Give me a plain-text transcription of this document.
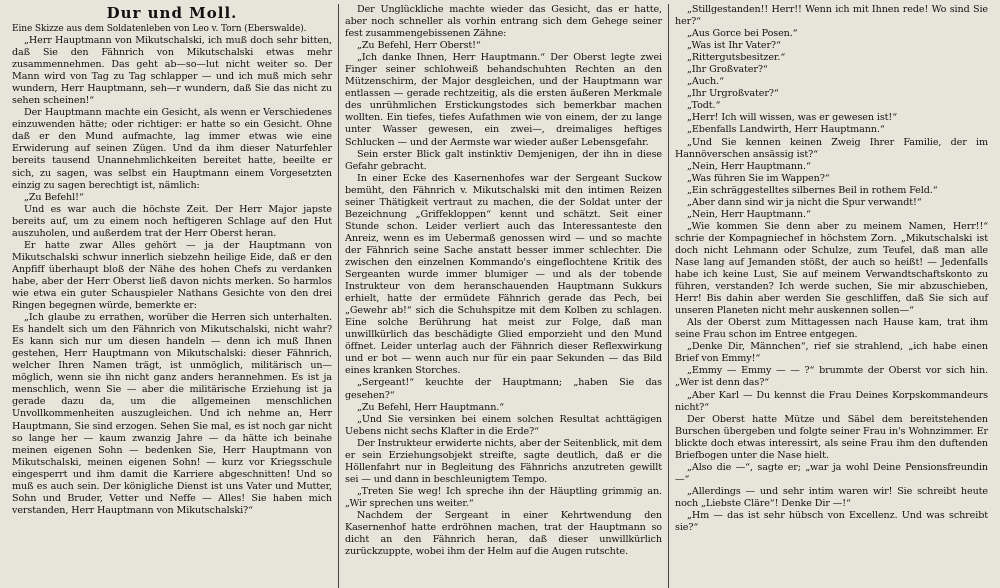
Dur und Moll.

Eine Skizze aus dem Soldatenleben von Leo v. Torn (Eberswalde).

„Herr Hauptmann von Mikutschalski, ich muß doch sehr bitten, daß Sie den Fähnrich von Mikutschalski etwas mehr zusammennehmen. Das geht ab—so—lut nicht weiter so. Der Mann wird von Tag zu Tag schlapper — und ich muß mich sehr wundern, Herr Hauptmann, seh—r wundern, daß Sie das nicht zu sehen scheinen!“

Der Hauptmann machte ein Gesicht, als wenn er Verschiedenes einzuwenden hätte; oder richtiger: er hatte so ein Gesicht. Ohne daß er den Mund aufmachte, lag immer etwas wie eine Erwiderung auf seinen Zügen. Und da ihm dieser Naturfehler bereits tausend Unannehmlichkeiten bereitet hatte, beeilte er sich, zu sagen, was selbst ein Hauptmann einem Vorgesetzten einzig zu sagen berechtigt ist, nämlich:

„Zu Befehl!“

Und es war auch die höchste Zeit. Der Herr Major japste bereits auf, um zu einem noch heftigeren Schlage auf den Hut auszuholen, und außerdem trat der Herr Oberst heran.

Er hatte zwar Alles gehört — ja der Hauptmann von Mikutschalski schwur innerlich siebzehn heilige Eide, daß er den Anpfiff überhaupt bloß der Nähe des hohen Chefs zu verdanken habe, aber der Herr Oberst ließ davon nichts merken. So harmlos wie etwa ein guter Schauspieler Nathans Gesichte von den drei Ringen begegnen würde, bemerkte er:

„Ich glaube zu errathen, worüber die Herren sich unterhalten. Es handelt sich um den Fähnrich von Mikutschalski, nicht wahr? Es kann sich nur um diesen handeln — denn ich muß Ihnen gestehen, Herr Hauptmann von Mikutschalski: dieser Fähnrich, welcher Ihren Namen trägt, ist unmöglich, militärisch un—möglich, wenn sie ihn nicht ganz anders herannehmen. Es ist ja menschlich, wenn Sie — aber die militärische Erziehung ist ja gerade dazu da, um die allgemeinen menschlichen Unvollkommenheiten auszugleichen. Und ich nehme an, Herr Hauptmann, Sie sind erzogen. Sehen Sie mal, es ist noch gar nicht so lange her — kaum zwanzig Jahre — da hätte ich beinahe meinen eigenen Sohn — bedenken Sie, Herr Hauptmann von Mikutschalski, meinen eigenen Sohn! — kurz vor Kriegsschule eingesperrt und ihm damit die Karriere abgeschnitten! Und so muß es auch sein. Der königliche Dienst ist uns Vater und Mutter, Sohn und Bruder, Vetter und Neffe — Alles! Sie haben mich verstanden, Herr Hauptmann von Mikutschalski?“

Der Unglückliche machte wieder das Gesicht, das er hatte, aber noch schneller als vorhin entrang sich dem Gehege seiner fest zusammengebissenen Zähne:

„Zu Befehl, Herr Oberst!“

„Ich danke Ihnen, Herr Hauptmann.“ Der Oberst legte zwei Finger seiner schlohweiß behandschuhten Rechten an den Mützenschirm, der Major desgleichen, und der Hauptmann war entlassen — gerade rechtzeitig, als die ersten äußeren Merkmale des unrühmlichen Erstickungstodes sich bemerkbar machen wollten. Ein tiefes, tiefes Aufathmen wie von einem, der zu lange unter Wasser gewesen, ein zwei—, dreimaliges heftiges Schlucken — und der Aermste war wieder außer Lebensgefahr.

Sein erster Blick galt instinktiv Demjenigen, der ihn in diese Gefahr gebracht.

In einer Ecke des Kasernenhofes war der Sergeant Suckow bemüht, den Fähnrich v. Mikutschalski mit den intimen Reizen seiner Thätigkeit vertraut zu machen, die der Soldat unter der Bezeichnung „Griffekloppen“ kennt und schätzt. Seit einer Stunde schon. Leider verliert auch das Interessanteste den Anreiz, wenn es im Uebermaß genossen wird — und so machte der Fähnrich seine Sache anstatt besser immer schlechter. Die zwischen den einzelnen Kommando's eingeflochtene Kritik des Sergeanten wurde immer blumiger — und als der tobende Instrukteur von dem heranschauenden Hauptmann Sukkurs erhielt, hatte der ermüdete Fähnrich gerade das Pech, bei „Gewehr ab!“ sich die Schuhspitze mit dem Kolben zu schlagen. Eine solche Berührung hat meist zur Folge, daß man unwillkürlich das beschädigte Glied emporzieht und den Mund öffnet. Leider unterlag auch der Fähnrich dieser Reflexwirkung und er bot — wenn auch nur für ein paar Sekunden — das Bild eines kranken Storches.

„Sergeant!“ keuchte der Hauptmann; „haben Sie das gesehen?“

„Zu Befehl, Herr Hauptmann.“

„Und Sie versinken bei einem solchen Resultat achttägigen Uebens nicht sechs Klafter in die Erde?“

Der Instrukteur erwiderte nichts, aber der Seitenblick, mit dem er sein Erziehungsobjekt streifte, sagte deutlich, daß er die Höllenfahrt nur in Begleitung des Fähnrichs anzutreten gewillt sei — und dann in beschleunigtem Tempo.

„Treten Sie weg! Ich spreche ihn der Häuptling grimmig an. „Wir sprechen uns weiter.“

Nachdem der Sergeant in einer Kehrtwendung den Kasernenhof hatte erdröhnen machen, trat der Hauptmann so dicht an den Fähnrich heran, daß dieser unwillkürlich zurückzuppte, wobei ihm der Helm auf die Augen rutschte.

„Stillgestanden!! Herr!! Wenn ich mit Ihnen rede! Wo sind Sie her?“

„Aus Gorce bei Posen.“

„Was ist Ihr Vater?“

„Rittergutsbesitzer.“

„Ihr Großvater?“

„Auch.“

„Ihr Urgroßvater?“

„Todt.“

„Herr! Ich will wissen, was er gewesen ist!“

„Ebenfalls Landwirth, Herr Hauptmann.“

„Und Sie kennen keinen Zweig Ihrer Familie, der im Hannöverschen ansässig ist?“

„Nein, Herr Hauptmann.“

„Was führen Sie im Wappen?“

„Ein schräggestelltes silbernes Beil in rothem Feld.“

„Aber dann sind wir ja nicht die Spur verwandt!“

„Nein, Herr Hauptmann.“

„Wie kommen Sie denn aber zu meinem Namen, Herr!!“ schrie der Kompagniechef in höchstem Zorn. „Mikutschalski ist doch nicht Lehmann oder Schulze, zum Teufel, daß man alle Nase lang auf Jemanden stößt, der auch so heißt! — Jedenfalls habe ich keine Lust, Sie auf meinem Verwandtschaftskonto zu führen, verstanden? Ich werde suchen, Sie mir abzuschieben, Herr! Bis dahin aber werden Sie geschliffen, daß Sie sich auf unseren Planeten nicht mehr auskennen sollen—“

Als der Oberst zum Mittagessen nach Hause kam, trat ihm seine Frau schon im Entree entgegen.

„Denke Dir, Männchen“, rief sie strahlend, „ich habe einen Brief von Emmy!“

„Emmy — Emmy — — ?“ brummte der Oberst vor sich hin. „Wer ist denn das?“

„Aber Karl — Du kennst die Frau Deines Korpskommandeurs nicht?“

Der Oberst hatte Mütze und Säbel dem bereitstehenden Burschen übergeben und folgte seiner Frau in's Wohnzimmer. Er blickte doch etwas interessirt, als seine Frau ihm den duftenden Briefbogen unter die Nase hielt.

„Also die —“, sagte er; „war ja wohl Deine Pensionsfreundin —“

„Allerdings — und sehr intim waren wir! Sie schreibt heute noch „Liebste Cläre“! Denke Dir —!“

„Hm — das ist sehr hübsch von Excellenz. Und was schreibt sie?“
